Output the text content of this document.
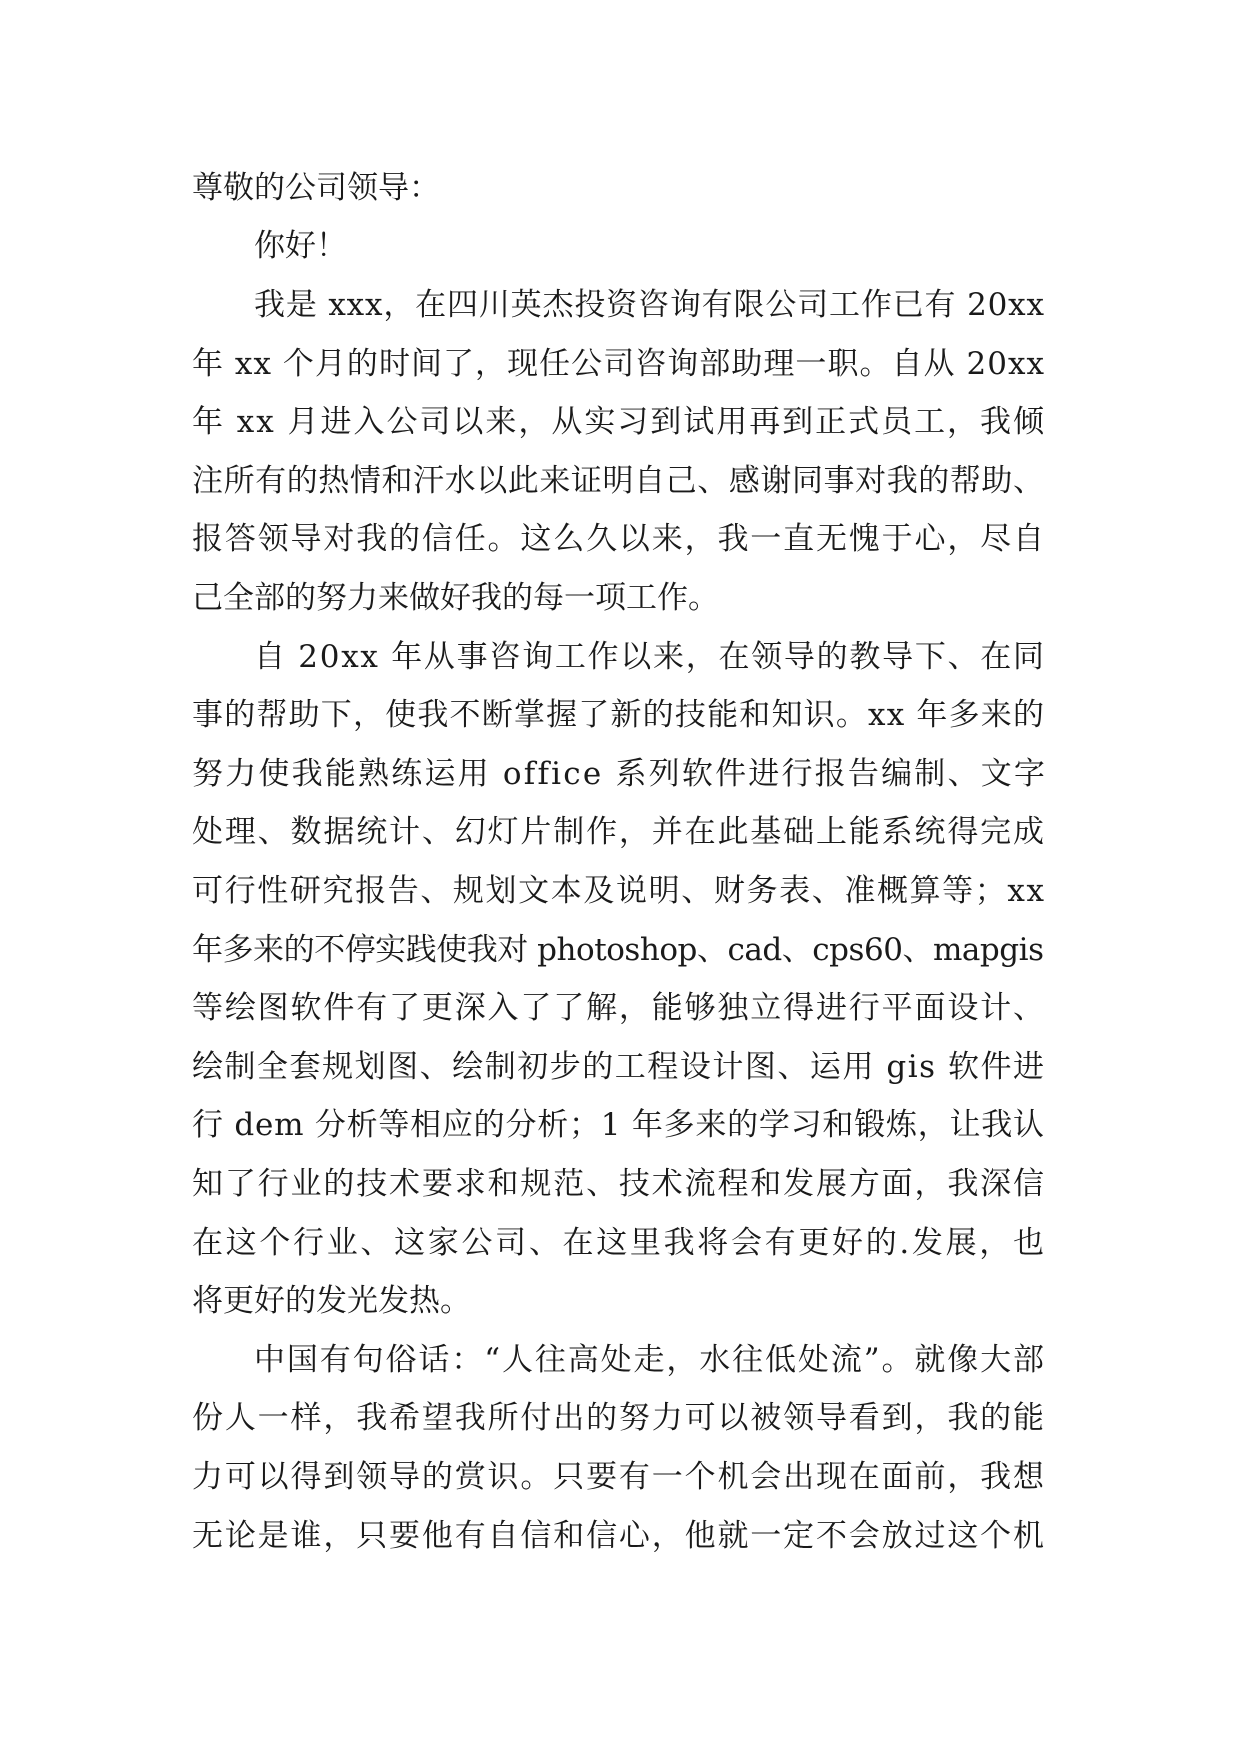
尊敬的公司领导：
你好！
我是 xxx，在四川英杰投资咨询有限公司工作已有 20xx
年 xx 个月的时间了，现任公司咨询部助理一职。自从 20xx
年 xx 月进入公司以来，从实习到试用再到正式员工，我倾
注所有的热情和汗水以此来证明自己、感谢同事对我的帮助、
报答领导对我的信任。这么久以来，我一直无愧于心，尽自
己全部的努力来做好我的每一项工作。
自 20xx 年从事咨询工作以来，在领导的教导下、在同
事的帮助下，使我不断掌握了新的技能和知识。xx 年多来的
努力使我能熟练运用 office 系列软件进行报告编制、文字
处理、数据统计、幻灯片制作，并在此基础上能系统得完成
可行性研究报告、规划文本及说明、财务表、准概算等；xx
年多来的不停实践使我对 photoshop、cad、cps60、mapgis
等绘图软件有了更深入了了解，能够独立得进行平面设计、
绘制全套规划图、绘制初步的工程设计图、运用 gis 软件进
行 dem 分析等相应的分析；1 年多来的学习和锻炼，让我认
知了行业的技术要求和规范、技术流程和发展方面，我深信
在这个行业、这家公司、在这里我将会有更好的.发展，也
将更好的发光发热。
中国有句俗话：“人往高处走，水往低处流”。就像大部
份人一样，我希望我所付出的努力可以被领导看到，我的能
力可以得到领导的赏识。只要有一个机会出现在面前，我想
无论是谁，只要他有自信和信心，他就一定不会放过这个机
